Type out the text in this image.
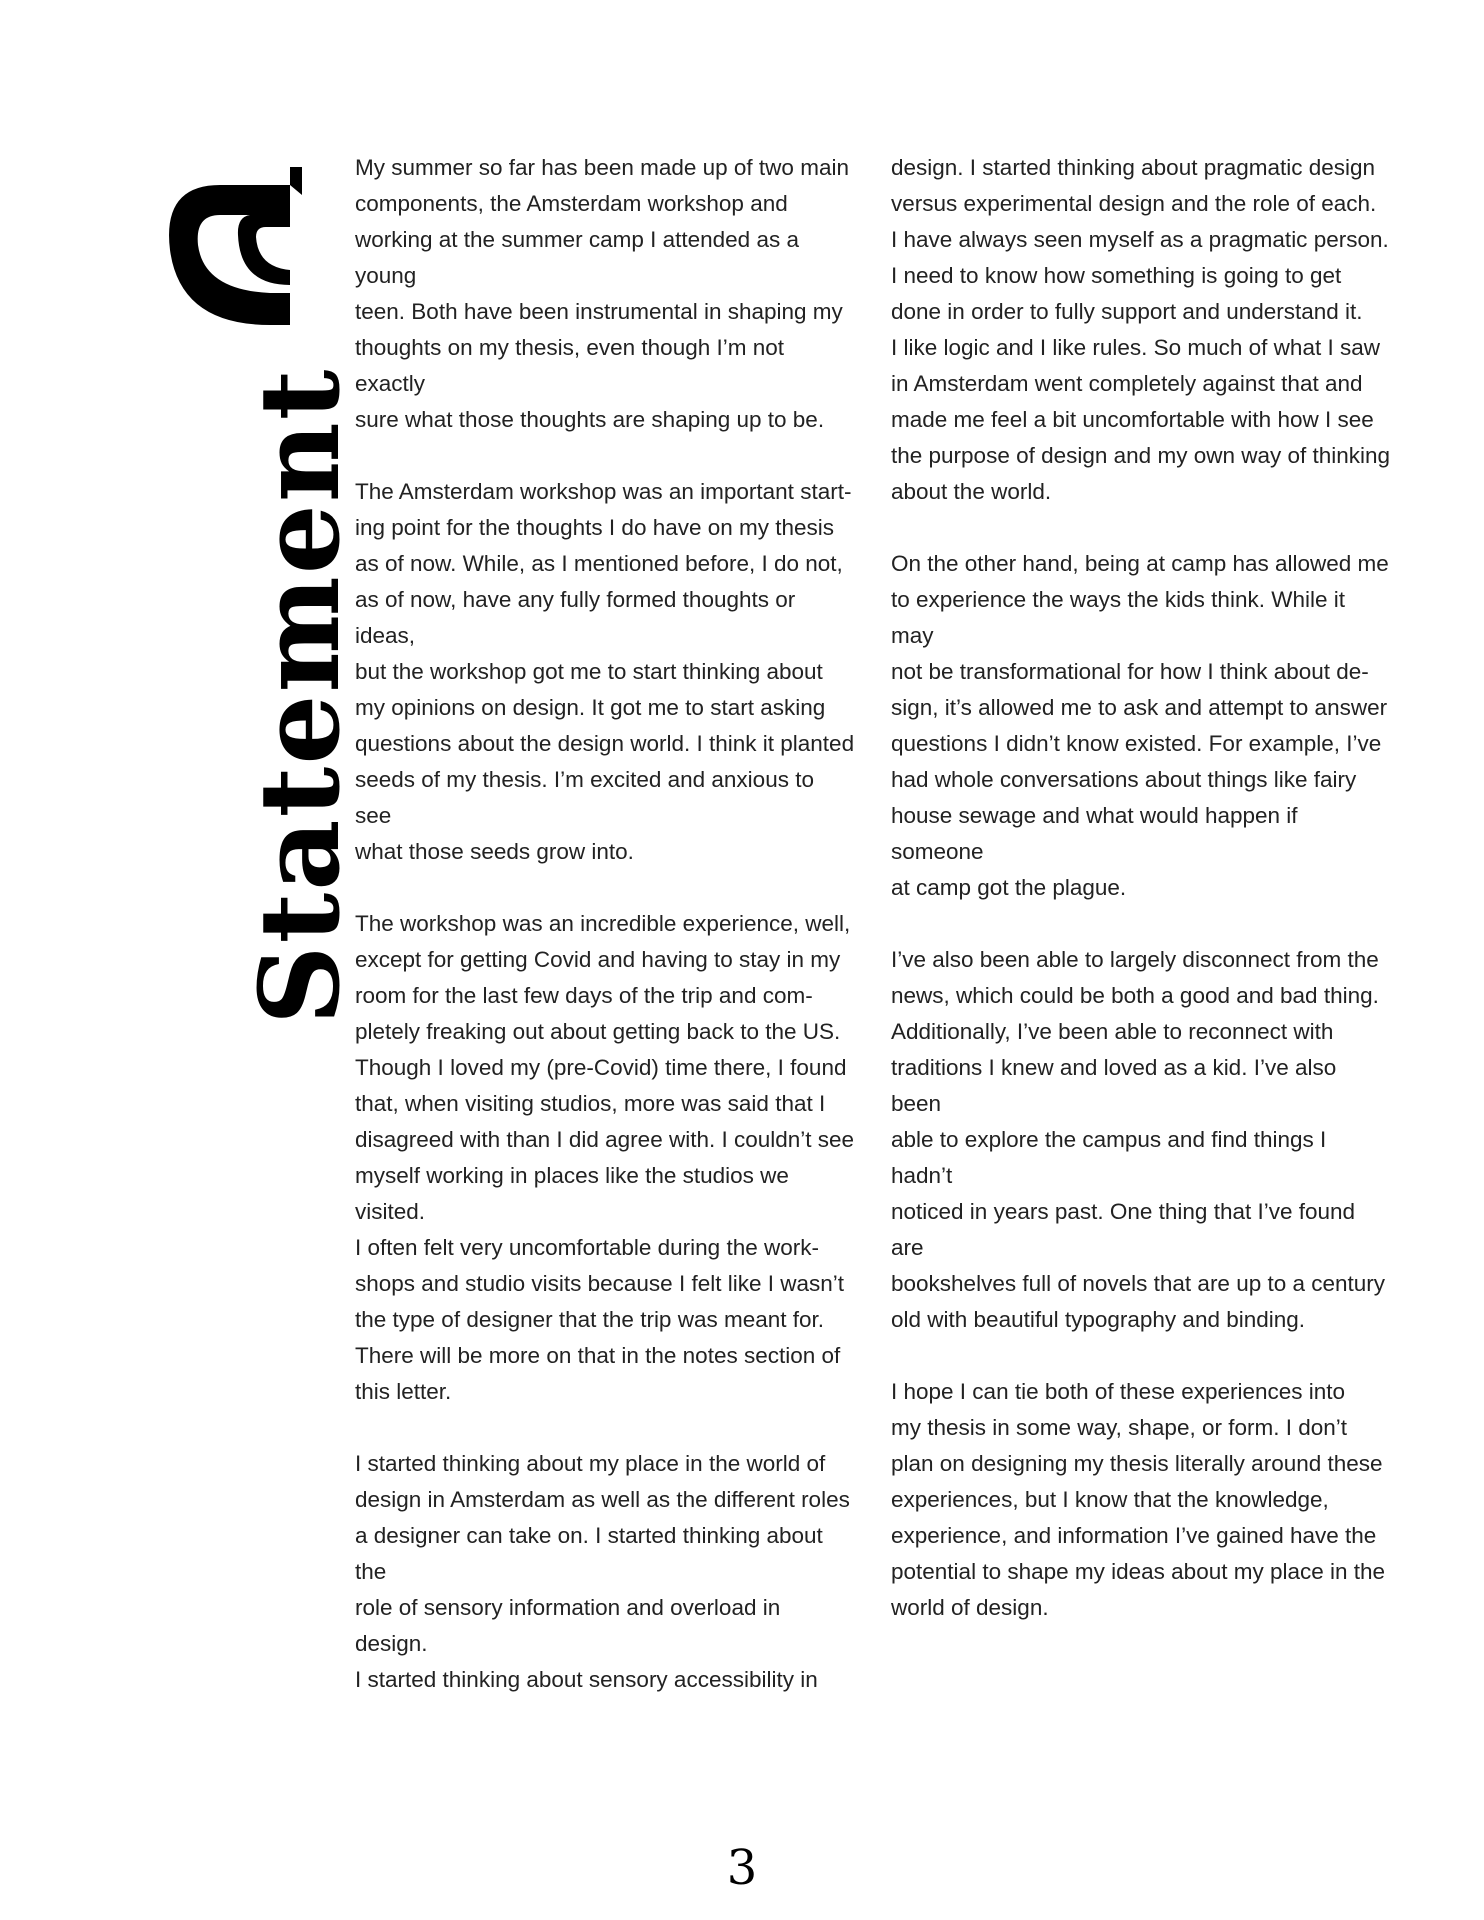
Statement

My summer so far has been made up of two main
components, the Amsterdam workshop and
working at the summer camp I attended as a young
teen. Both have been instrumental in shaping my
thoughts on my thesis, even though I’m not exactly
sure what those thoughts are shaping up to be.

The Amsterdam workshop was an important start-
ing point for the thoughts I do have on my thesis
as of now. While, as I mentioned before, I do not,
as of now, have any fully formed thoughts or ideas,
but the workshop got me to start thinking about
my opinions on design. It got me to start asking
questions about the design world. I think it planted
seeds of my thesis. I’m excited and anxious to see
what those seeds grow into.

The workshop was an incredible experience, well,
except for getting Covid and having to stay in my
room for the last few days of the trip and com-
pletely freaking out about getting back to the US.
Though I loved my (pre-Covid) time there, I found
that, when visiting studios, more was said that I
disagreed with than I did agree with. I couldn’t see
myself working in places like the studios we visited.
I often felt very uncomfortable during the work-
shops and studio visits because I felt like I wasn’t
the type of designer that the trip was meant for.
There will be more on that in the notes section of
this letter.

I started thinking about my place in the world of
design in Amsterdam as well as the different roles
a designer can take on. I started thinking about the
role of sensory information and overload in design.
I started thinking about sensory accessibility in

design. I started thinking about pragmatic design
versus experimental design and the role of each.
I have always seen myself as a pragmatic person.
I need to know how something is going to get
done in order to fully support and understand it.
I like logic and I like rules. So much of what I saw
in Amsterdam went completely against that and
made me feel a bit uncomfortable with how I see
the purpose of design and my own way of thinking
about the world.

On the other hand, being at camp has allowed me
to experience the ways the kids think. While it may
not be transformational for how I think about de-
sign, it’s allowed me to ask and attempt to answer
questions I didn’t know existed. For example, I’ve
had whole conversations about things like fairy
house sewage and what would happen if someone
at camp got the plague.

I’ve also been able to largely disconnect from the
news, which could be both a good and bad thing.
Additionally, I’ve been able to reconnect with
traditions I knew and loved as a kid. I’ve also been
able to explore the campus and find things I hadn’t
noticed in years past. One thing that I’ve found are
bookshelves full of novels that are up to a century
old with beautiful typography and binding.

I hope I can tie both of these experiences into
my thesis in some way, shape, or form. I don’t
plan on designing my thesis literally around these
experiences, but I know that the knowledge,
experience, and information I’ve gained have the
potential to shape my ideas about my place in the
world of design.

3
